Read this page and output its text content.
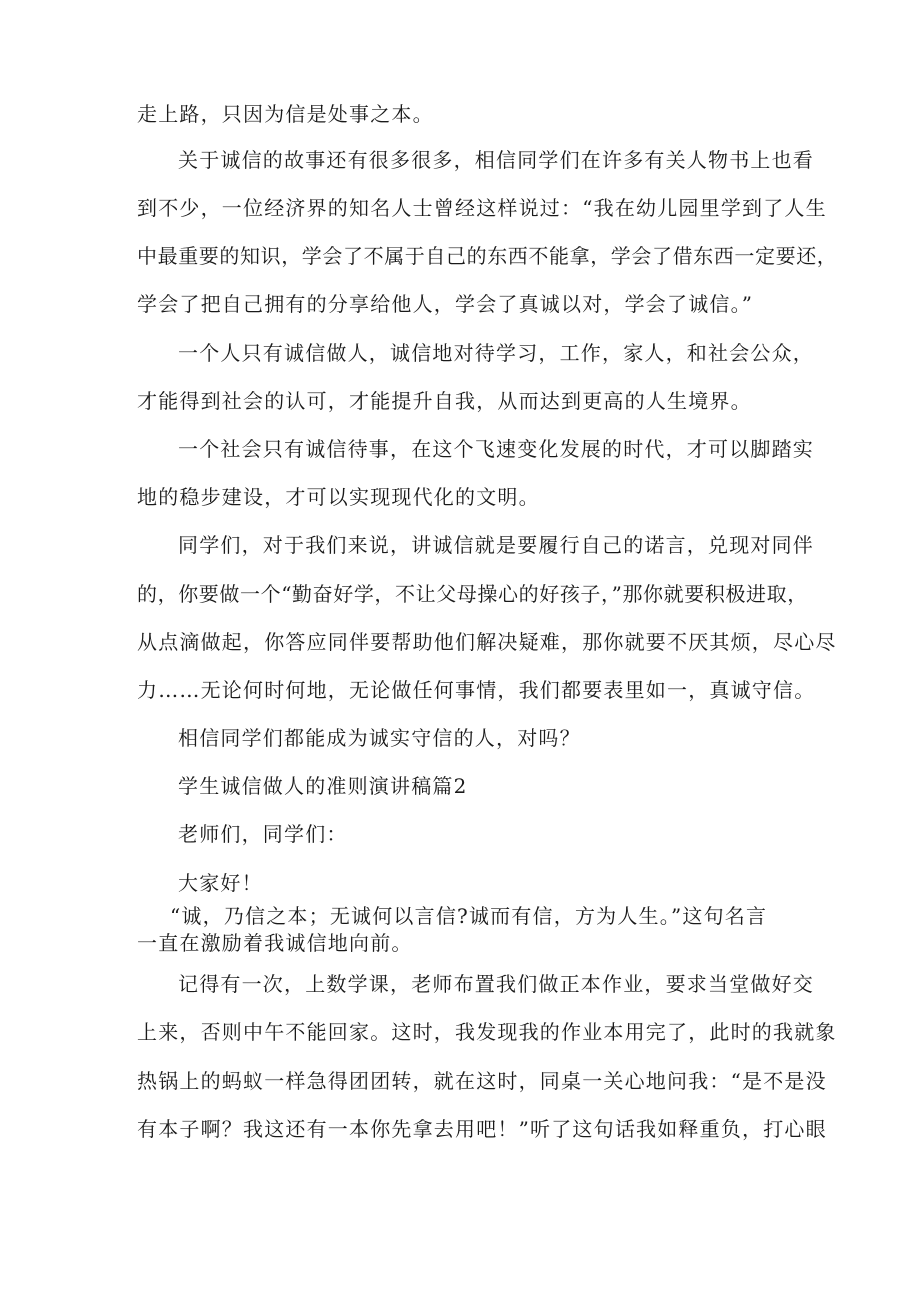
走上路，只因为信是处事之本。

关于诚信的故事还有很多很多，相信同学们在许多有关人物书上也看

到不少，一位经济界的知名人士曾经这样说过：“我在幼儿园里学到了人生

中最重要的知识，学会了不属于自己的东西不能拿，学会了借东西一定要还，

学会了把自己拥有的分享给他人，学会了真诚以对，学会了诚信。”

一个人只有诚信做人，诚信地对待学习，工作，家人，和社会公众，

才能得到社会的认可，才能提升自我，从而达到更高的人生境界。

一个社会只有诚信待事，在这个飞速变化发展的时代，才可以脚踏实

地的稳步建设，才可以实现现代化的文明。

同学们，对于我们来说，讲诚信就是要履行自己的诺言，兑现对同伴

的，你要做一个“勤奋好学，不让父母操心的好孩子，”那你就要积极进取，

从点滴做起，你答应同伴要帮助他们解决疑难，那你就要不厌其烦，尽心尽

力……无论何时何地，无论做任何事情，我们都要表里如一，真诚守信。

相信同学们都能成为诚实守信的人，对吗？

学生诚信做人的准则演讲稿篇2

老师们，同学们：

大家好！

“诚，乃信之本；无诚何以言信?诚而有信，方为人生。”这句名言

一直在激励着我诚信地向前。

记得有一次，上数学课，老师布置我们做正本作业，要求当堂做好交

上来，否则中午不能回家。这时，我发现我的作业本用完了，此时的我就象

热锅上的蚂蚁一样急得团团转，就在这时，同桌一关心地问我：“是不是没

有本子啊？我这还有一本你先拿去用吧！”听了这句话我如释重负，打心眼
